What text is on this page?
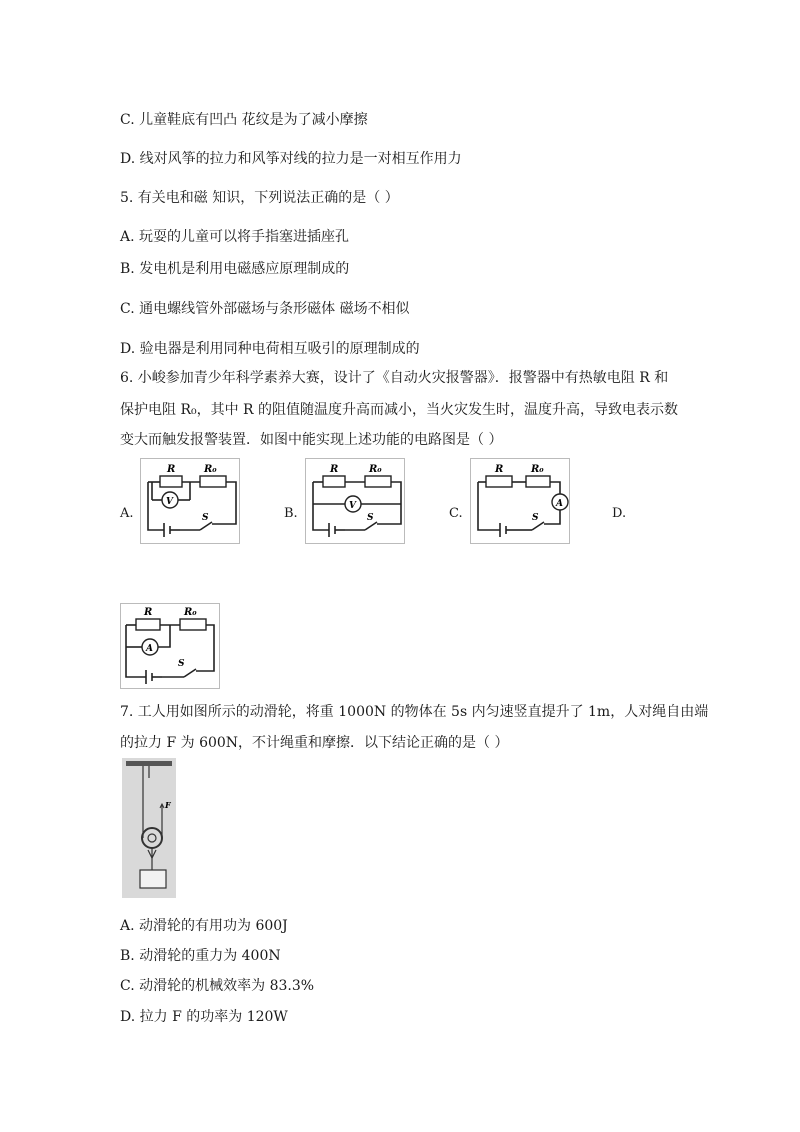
C. 儿童鞋底有凹凸 花纹是为了减小摩擦
D. 线对风筝的拉力和风筝对线的拉力是一对相互作用力
5. 有关电和磁 知识，下列说法正确的是（ ）
A. 玩耍的儿童可以将手指塞进插座孔
B. 发电机是利用电磁感应原理制成的
C. 通电螺线管外部磁场与条形磁体 磁场不相似
D. 验电器是利用同种电荷相互吸引的原理制成的
6. 小峻参加青少年科学素养大赛，设计了《自动火灾报警器》．报警器中有热敏电阻 R 和
保护电阻 R₀，其中 R 的阻值随温度升高而减小，当火灾发生时，温度升高，导致电表示数
变大而触发报警装置．如图中能实现上述功能的电路图是（ ）
A.	B.	C.	D.
R	R₀
V
S
R	R₀
V
S
R	R₀
A
S
R	R₀
A
S
7. 工人用如图所示的动滑轮，将重 1000N 的物体在 5s 内匀速竖直提升了 1m，人对绳自由端
的拉力 F 为 600N，不计绳重和摩擦．以下结论正确的是（ ）
F
A. 动滑轮的有用功为 600J
B. 动滑轮的重力为 400N
C. 动滑轮的机械效率为 83.3%
D. 拉力 F 的功率为 120W
